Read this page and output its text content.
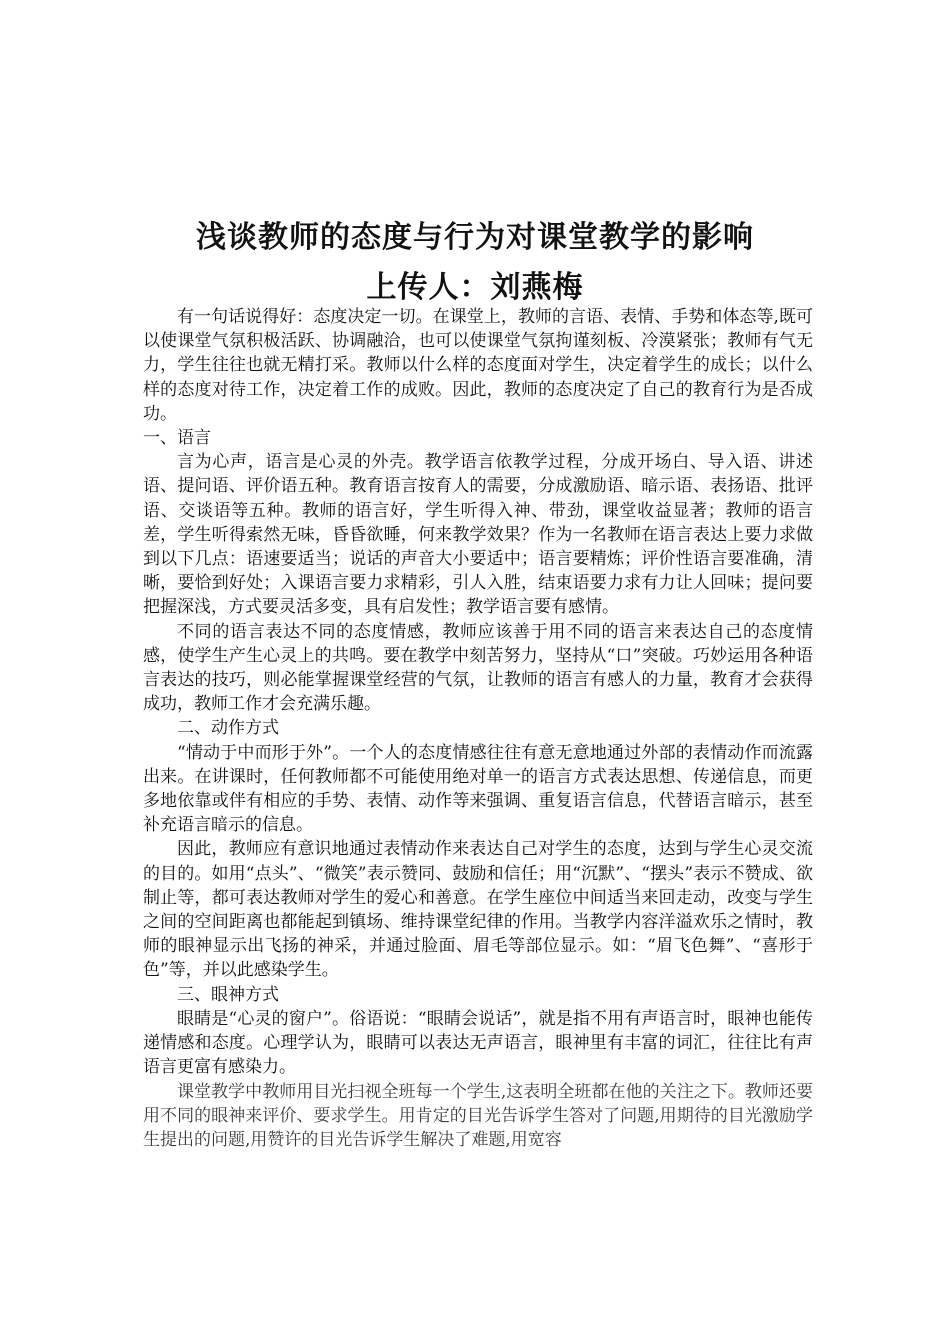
浅谈教师的态度与行为对课堂教学的影响
上传人：刘燕梅

有一句话说得好：态度决定一切。在课堂上，教师的言语、表情、手势和体态等,既可以使课堂气氛积极活跃、协调融洽，也可以使课堂气氛拘谨刻板、冷漠紧张；教师有气无力，学生往往也就无精打采。教师以什么样的态度面对学生，决定着学生的成长；以什么样的态度对待工作，决定着工作的成败。因此，教师的态度决定了自己的教育行为是否成功。

一、语言

言为心声，语言是心灵的外壳。教学语言依教学过程，分成开场白、导入语、讲述语、提问语、评价语五种。教育语言按育人的需要，分成激励语、暗示语、表扬语、批评语、交谈语等五种。教师的语言好，学生听得入神、带劲，课堂收益显著；教师的语言差，学生听得索然无味，昏昏欲睡，何来教学效果？作为一名教师在语言表达上要力求做到以下几点：语速要适当；说话的声音大小要适中；语言要精炼；评价性语言要准确，清晰，要恰到好处；入课语言要力求精彩，引人入胜，结束语要力求有力让人回味；提问要把握深浅，方式要灵活多变，具有启发性；教学语言要有感情。

不同的语言表达不同的态度情感，教师应该善于用不同的语言来表达自己的态度情感，使学生产生心灵上的共鸣。要在教学中刻苦努力，坚持从“口”突破。巧妙运用各种语言表达的技巧，则必能掌握课堂经营的气氛，让教师的语言有感人的力量，教育才会获得成功，教师工作才会充满乐趣。

二、动作方式

“情动于中而形于外”。一个人的态度情感往往有意无意地通过外部的表情动作而流露出来。在讲课时，任何教师都不可能使用绝对单一的语言方式表达思想、传递信息，而更多地依靠或伴有相应的手势、表情、动作等来强调、重复语言信息，代替语言暗示，甚至补充语言暗示的信息。

因此，教师应有意识地通过表情动作来表达自己对学生的态度，达到与学生心灵交流的目的。如用“点头”、“微笑”表示赞同、鼓励和信任；用“沉默”、“摆头”表示不赞成、欲制止等，都可表达教师对学生的爱心和善意。在学生座位中间适当来回走动，改变与学生之间的空间距离也都能起到镇场、维持课堂纪律的作用。当教学内容洋溢欢乐之情时，教师的眼神显示出飞扬的神采，并通过脸面、眉毛等部位显示。如：“眉飞色舞”、“喜形于色”等，并以此感染学生。

三、眼神方式

眼睛是“心灵的窗户”。俗语说：“眼睛会说话”，就是指不用有声语言时，眼神也能传递情感和态度。心理学认为，眼睛可以表达无声语言，眼神里有丰富的词汇，往往比有声语言更富有感染力。

课堂教学中教师用目光扫视全班每一个学生,这表明全班都在他的关注之下。教师还要用不同的眼神来评价、要求学生。用肯定的目光告诉学生答对了问题,用期待的目光激励学生提出的问题,用赞许的目光告诉学生解决了难题,用宽容
